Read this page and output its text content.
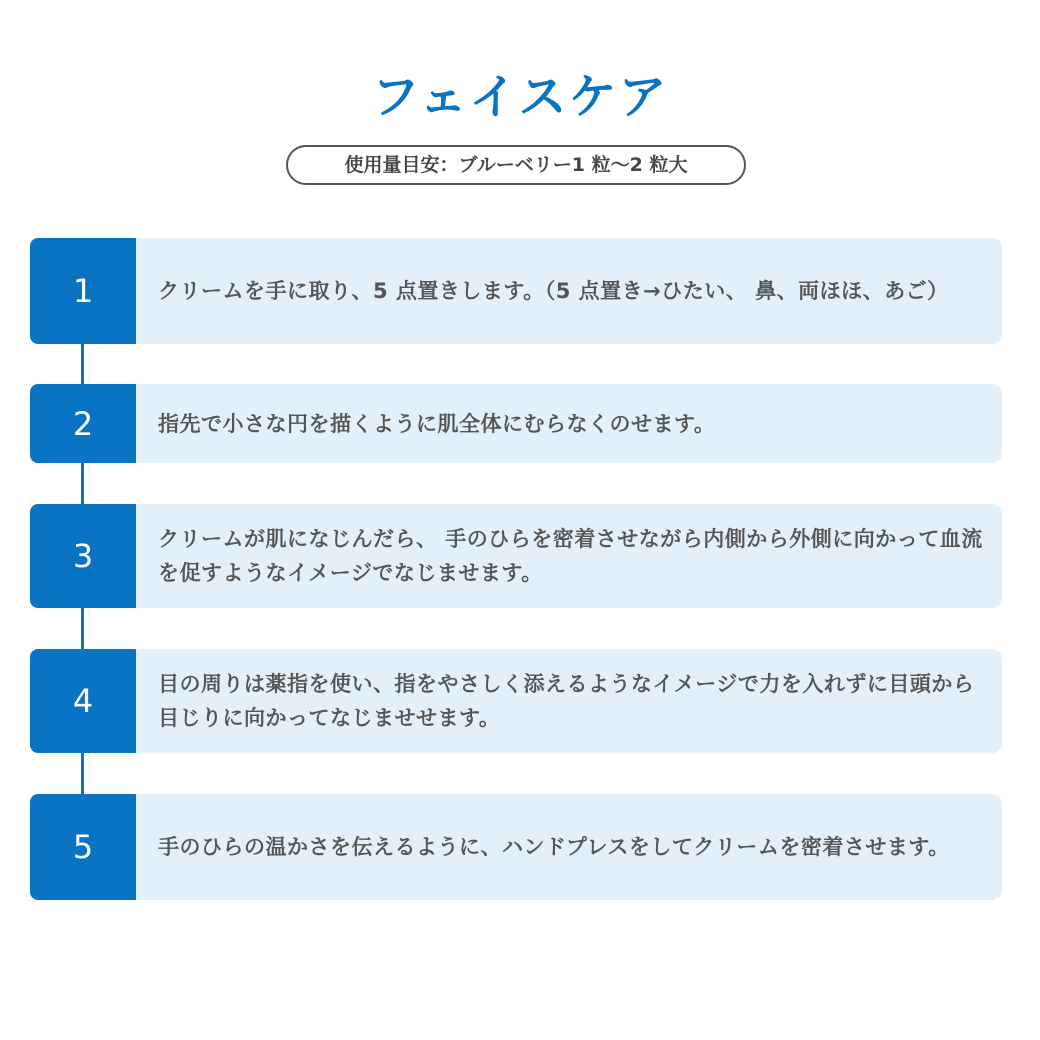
フェイスケア
使用量目安：ブルーベリー1 粒〜2 粒大
1	クリームを手に取り、5 点置きします。（5 点置き→ひたい、 鼻、両ほほ、あご）
2	指先で小さな円を描くように肌全体にむらなくのせます。
3	クリームが肌になじんだら、 手のひらを密着させながら内側から外側に向かって血流を促すようなイメージでなじませます。
4	目の周りは薬指を使い、指をやさしく添えるようなイメージで力を入れずに目頭から目じりに向かってなじませせます。
5	手のひらの温かさを伝えるように、ハンドプレスをしてクリームを密着させます。
